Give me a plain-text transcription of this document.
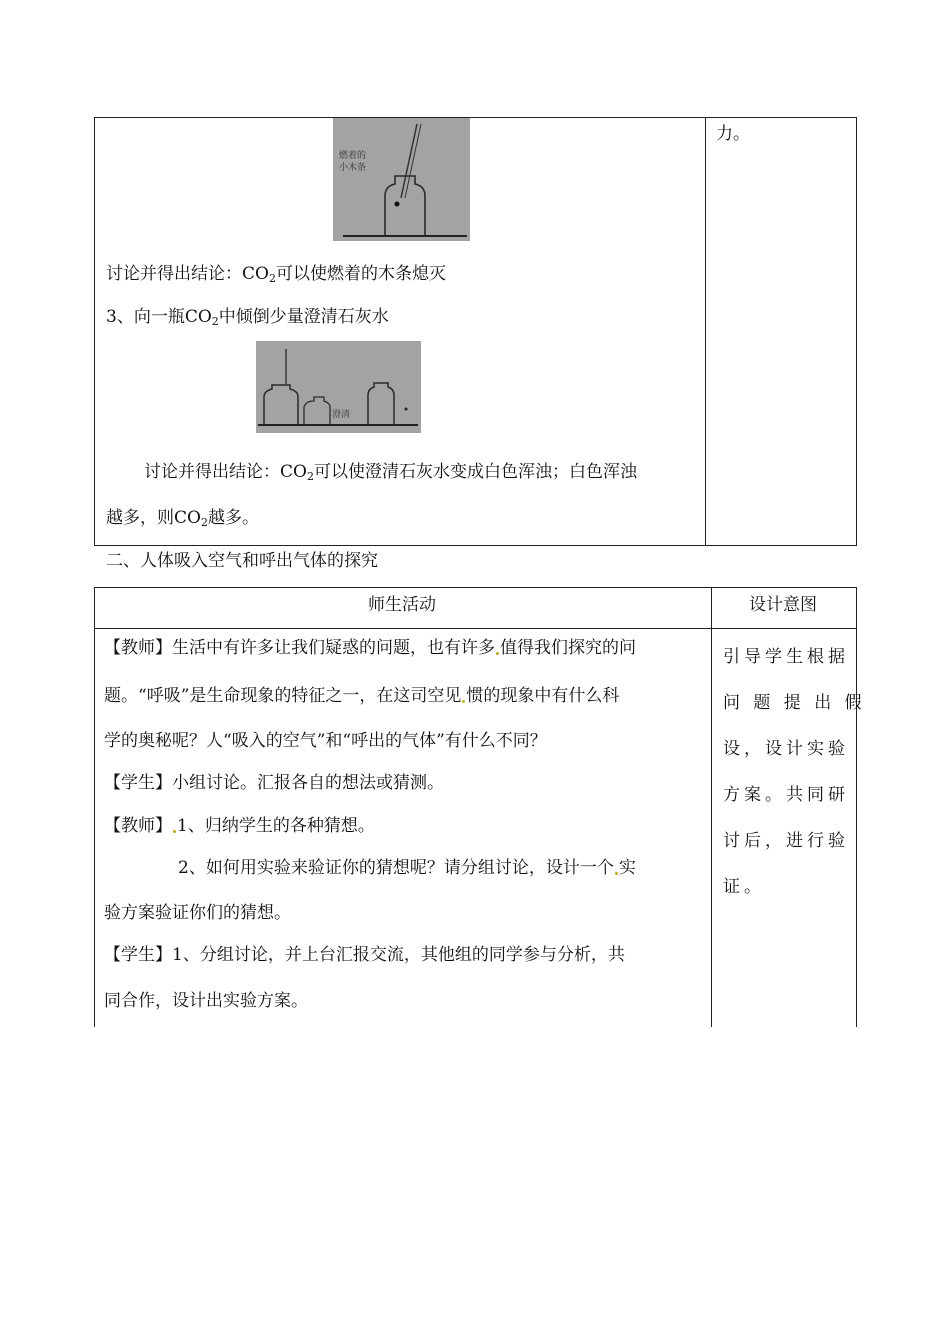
力。
燃着的
小木条
讨论并得出结论：$CO_2$可以使燃着的木条熄灭
3、向一瓶$CO_2$中倾倒少量澄清石灰水
澄清
讨论并得出结论：$CO_2$可以使澄清石灰水变成白色浑浊；白色浑浊
越多，则$CO_2$越多。
二、人体吸入空气和呼出气体的探究
师生活动	设计意图
【教师】生活中有许多让我们疑惑的问题，也有许多 值得我们探究的问
题。“呼吸”是生命现象的特征之一，在这司空见 惯的现象中有什么科
学的奥秘呢？人“吸入的空气”和“呼出的气体”有什么不同？
【学生】小组讨论。汇报各自的想法或猜测。
【教师】 1、归纳学生的各种猜想。
2、如何用实验来验证你的猜想呢？请分组讨论，设计一个 实
验方案验证你们的猜想。
【学生】1、分组讨论，并上台汇报交流，其他组的同学参与分析，共
同合作，设计出实验方案。
引导学生根据
问 题 提 出 假
设，设计实验
方案。共同研
讨后，进行验
证。
